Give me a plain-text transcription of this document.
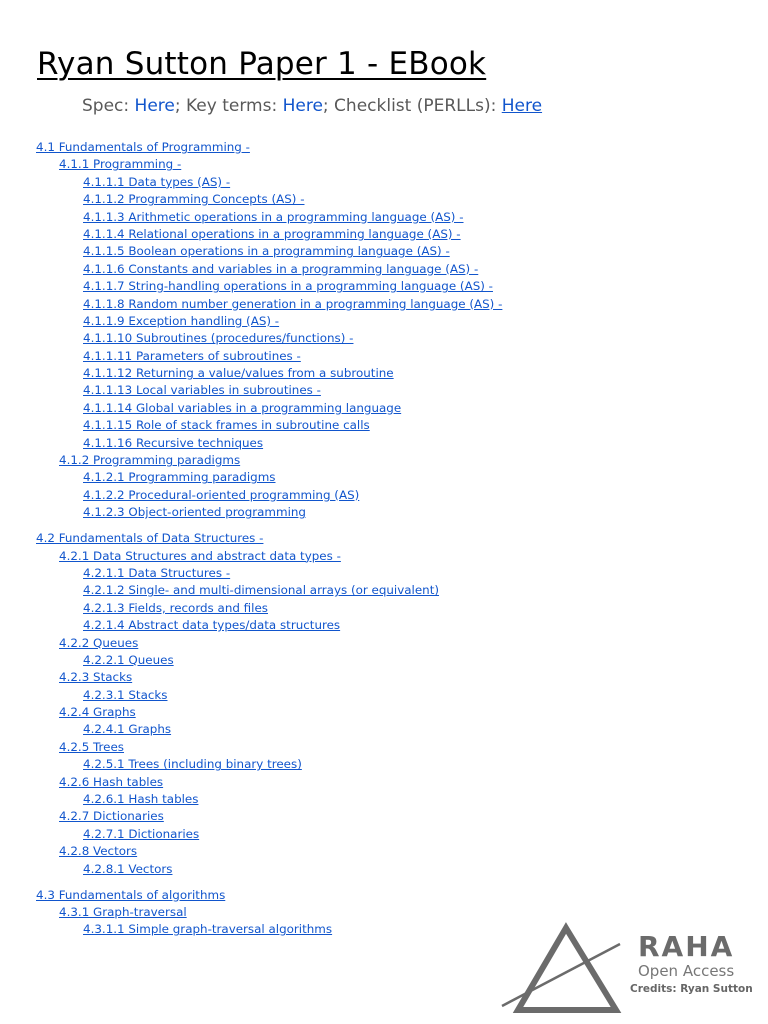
Ryan Sutton Paper 1 - EBook
Spec: Here; Key terms: Here; Checklist (PERLLs): Here
4.1 Fundamentals of Programming -
4.1.1 Programming -
4.1.1.1 Data types (AS) -
4.1.1.2 Programming Concepts (AS) -
4.1.1.3 Arithmetic operations in a programming language (AS) -
4.1.1.4 Relational operations in a programming language (AS) -
4.1.1.5 Boolean operations in a programming language (AS) -
4.1.1.6 Constants and variables in a programming language (AS) -
4.1.1.7 String-handling operations in a programming language (AS) -
4.1.1.8 Random number generation in a programming language (AS) -
4.1.1.9 Exception handling (AS) -
4.1.1.10 Subroutines (procedures/functions) -
4.1.1.11 Parameters of subroutines -
4.1.1.12 Returning a value/values from a subroutine
4.1.1.13 Local variables in subroutines -
4.1.1.14 Global variables in a programming language
4.1.1.15 Role of stack frames in subroutine calls
4.1.1.16 Recursive techniques
4.1.2 Programming paradigms
4.1.2.1 Programming paradigms
4.1.2.2 Procedural-oriented programming (AS)
4.1.2.3 Object-oriented programming
4.2 Fundamentals of Data Structures -
4.2.1 Data Structures and abstract data types -
4.2.1.1 Data Structures -
4.2.1.2 Single- and multi-dimensional arrays (or equivalent)
4.2.1.3 Fields, records and files
4.2.1.4 Abstract data types/data structures
4.2.2 Queues
4.2.2.1 Queues
4.2.3 Stacks
4.2.3.1 Stacks
4.2.4 Graphs
4.2.4.1 Graphs
4.2.5 Trees
4.2.5.1 Trees (including binary trees)
4.2.6 Hash tables
4.2.6.1 Hash tables
4.2.7 Dictionaries
4.2.7.1 Dictionaries
4.2.8 Vectors
4.2.8.1 Vectors
4.3 Fundamentals of algorithms
4.3.1 Graph-traversal
4.3.1.1 Simple graph-traversal algorithms
RAHA
Open Access
Credits: Ryan Sutton
